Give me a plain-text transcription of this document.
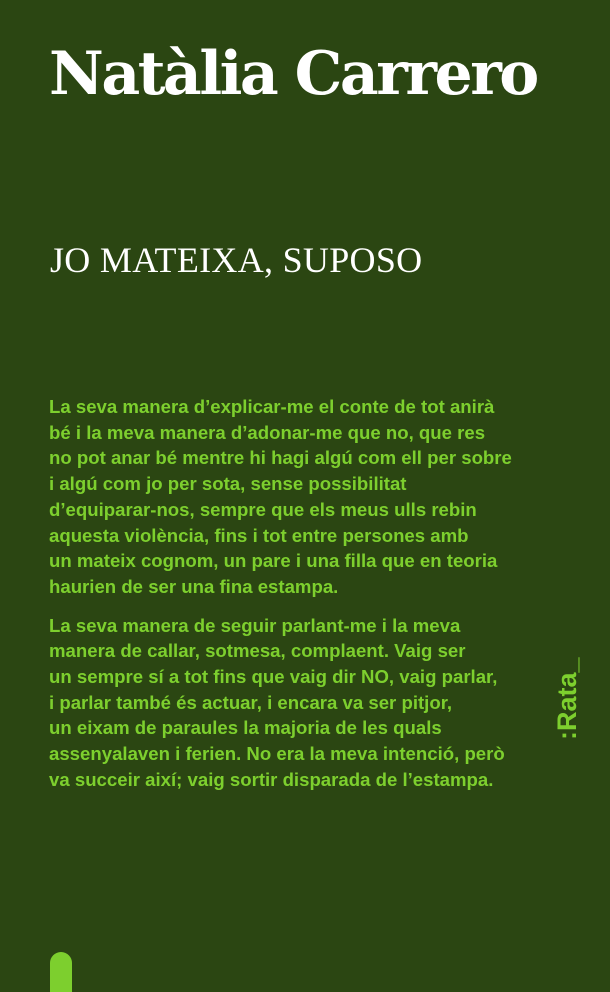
Natàlia Carrero
JO MATEIXA, SUPOSO

La seva manera d’explicar-me el conte de tot anirà
bé i la meva manera d’adonar-me que no, que res
no pot anar bé mentre hi hagi algú com ell per sobre
i algú com jo per sota, sense possibilitat
d’equiparar-nos, sempre que els meus ulls rebin
aquesta violència, fins i tot entre persones amb
un mateix cognom, un pare i una filla que en teoria
haurien de ser una fina estampa.

La seva manera de seguir parlant-me i la meva
manera de callar, sotmesa, complaent. Vaig ser
un sempre sí a tot fins que vaig dir NO, vaig parlar,
i parlar també és actuar, i encara va ser pitjor,
un eixam de paraules la majoria de les quals
assenyalaven i ferien. No era la meva intenció, però
va succeir així; vaig sortir disparada de l’estampa.

:Rata_
